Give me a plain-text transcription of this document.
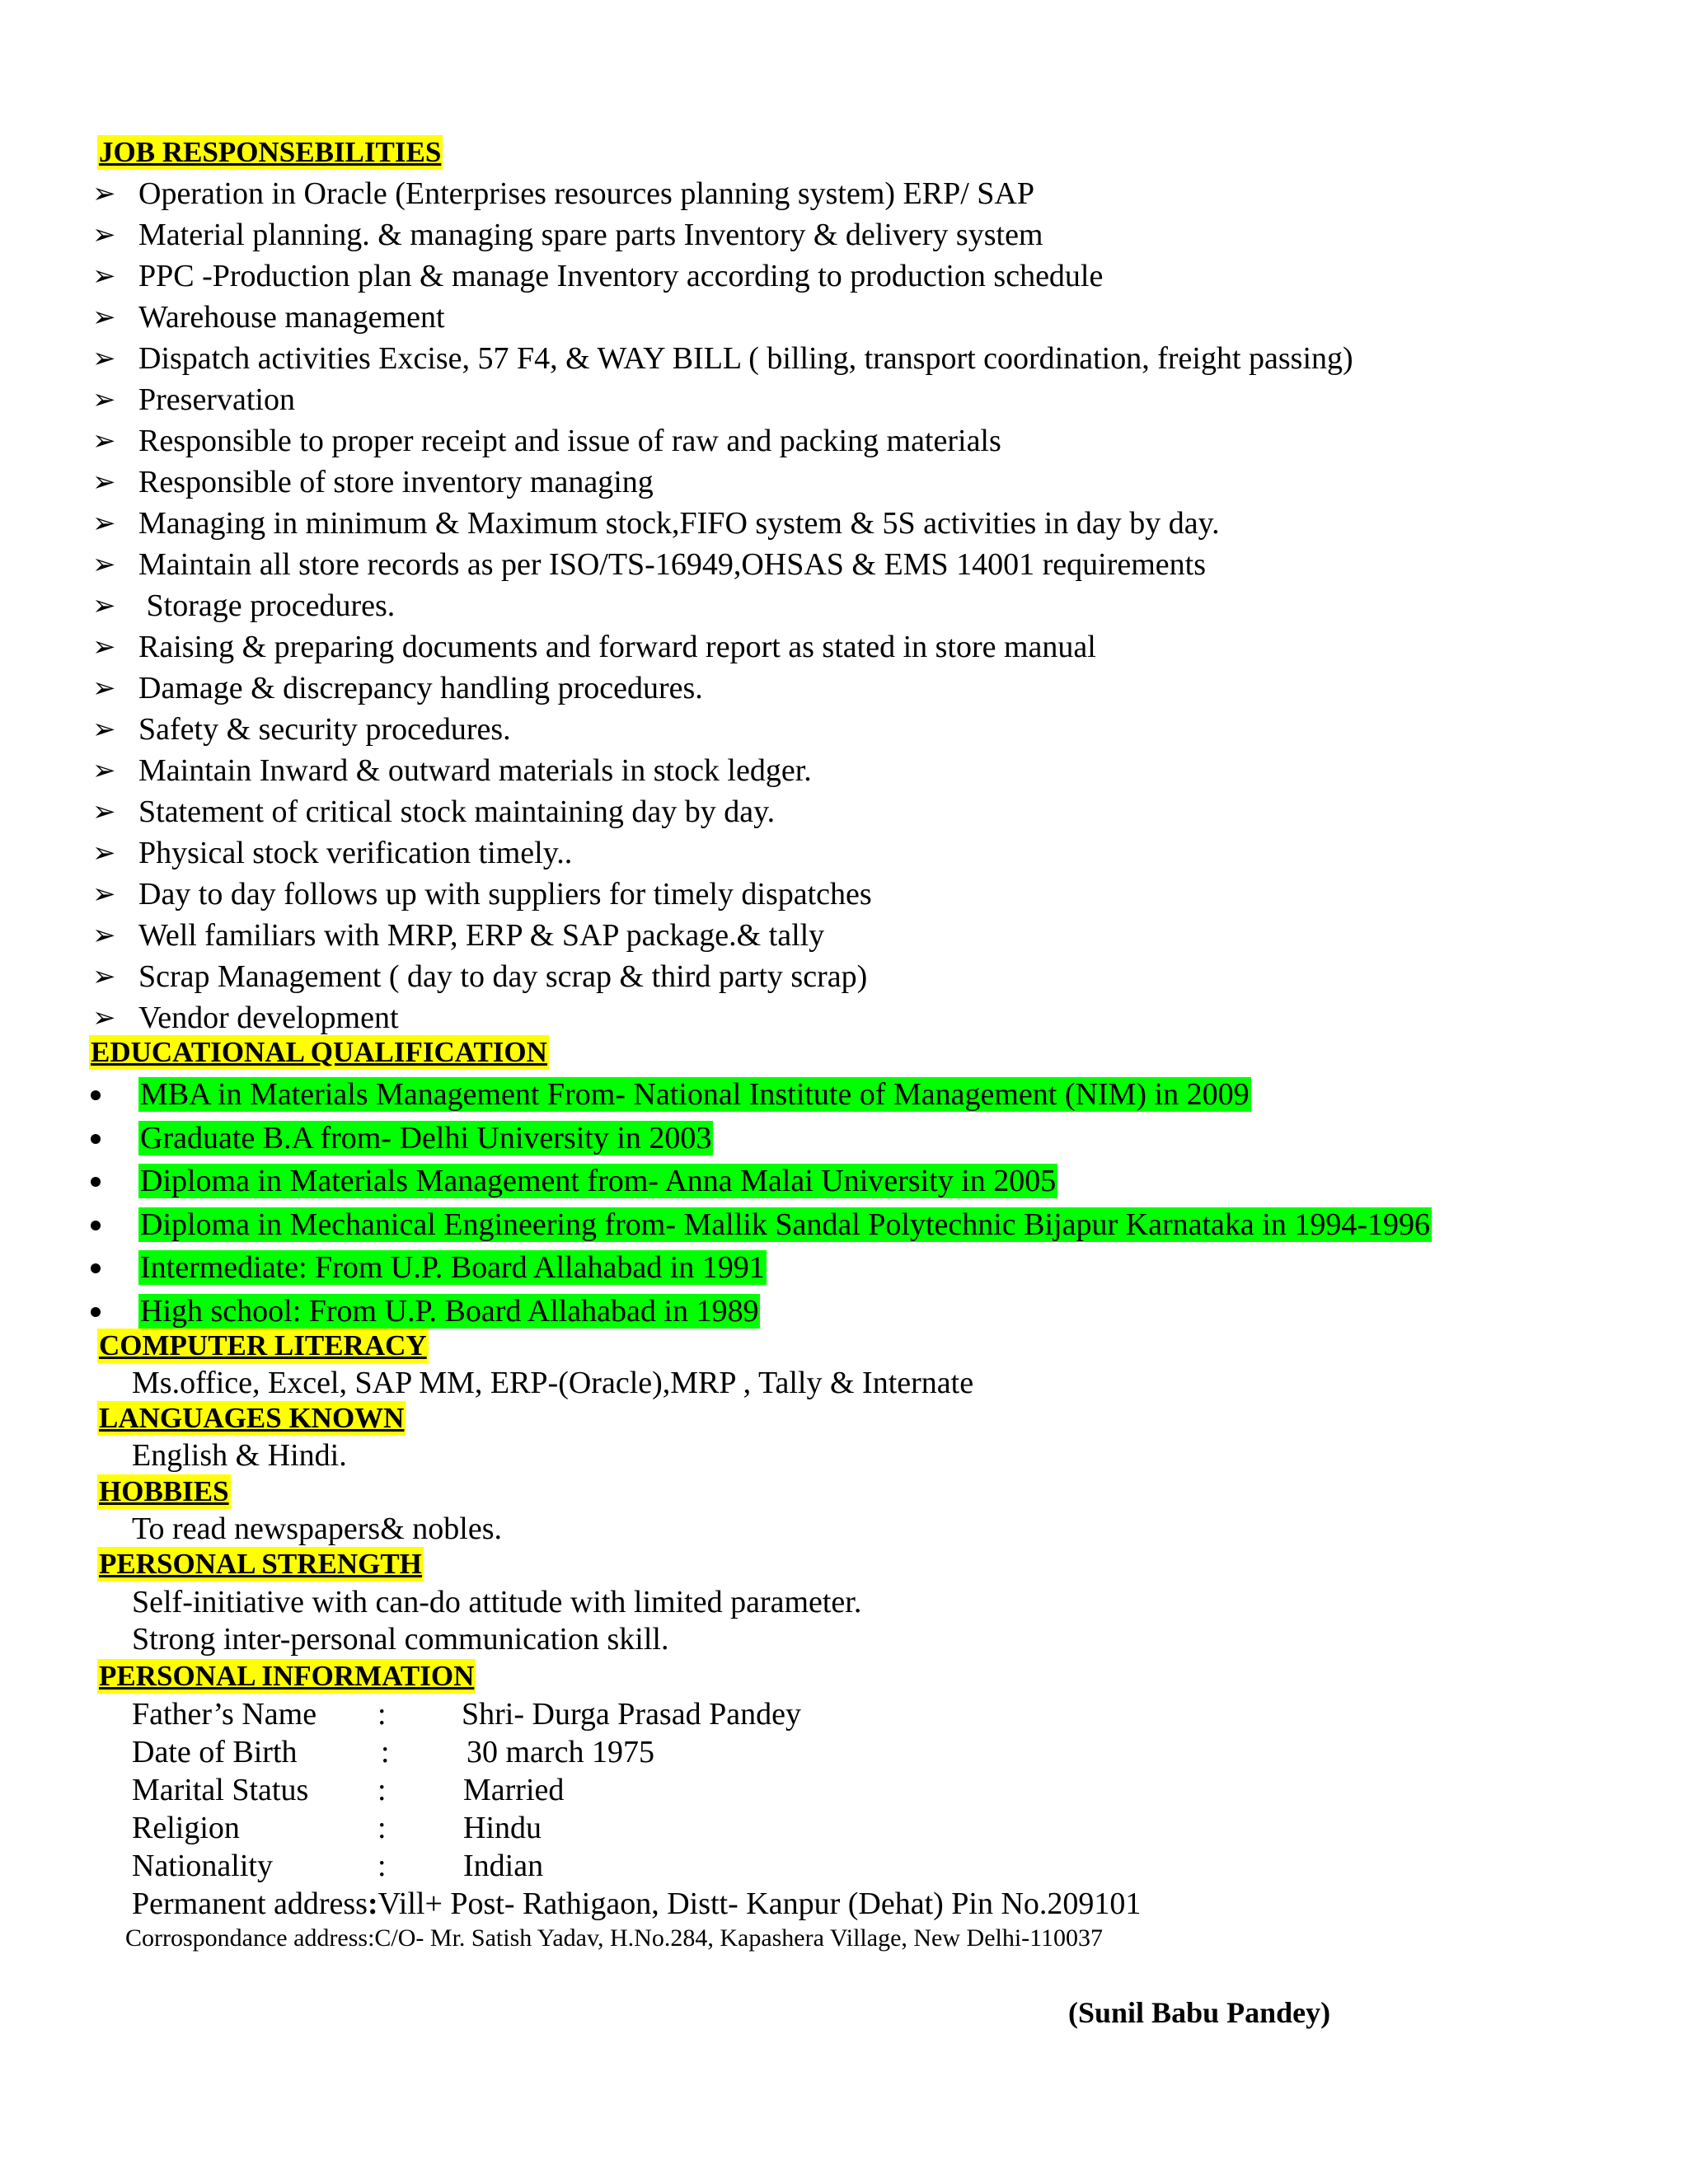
JOB RESPONSEBILITIES
➢ Operation in Oracle (Enterprises resources planning system) ERP/ SAP
➢ Material planning. & managing spare parts Inventory & delivery system
➢ PPC -Production plan & manage Inventory according to production schedule
➢ Warehouse management
➢ Dispatch activities Excise, 57 F4, & WAY BILL ( billing, transport coordination, freight passing)
➢ Preservation
➢ Responsible to proper receipt and issue of raw and packing materials
➢ Responsible of store inventory managing
➢ Managing in minimum & Maximum stock,FIFO system & 5S activities in day by day.
➢ Maintain all store records as per ISO/TS-16949,OHSAS & EMS 14001 requirements
➢ Storage procedures.
➢ Raising & preparing documents and forward report as stated in store manual
➢ Damage & discrepancy handling procedures.
➢ Safety & security procedures.
➢ Maintain Inward & outward materials in stock ledger.
➢ Statement of critical stock maintaining day by day.
➢ Physical stock verification timely..
➢ Day to day follows up with suppliers for timely dispatches
➢ Well familiars with MRP, ERP & SAP package.& tally
➢ Scrap Management ( day to day scrap & third party scrap)
➢ Vendor development
EDUCATIONAL QUALIFICATION
MBA in Materials Management From- National Institute of Management (NIM) in 2009
Graduate B.A from- Delhi University in 2003
Diploma in Materials Management from- Anna Malai University in 2005
Diploma in Mechanical Engineering from- Mallik Sandal Polytechnic Bijapur Karnataka in 1994-1996
Intermediate: From U.P. Board Allahabad in 1991
High school: From U.P. Board Allahabad in 1989
COMPUTER LITERACY
Ms.office, Excel, SAP MM, ERP-(Oracle),MRP , Tally & Internate
LANGUAGES KNOWN
English & Hindi.
HOBBIES
To read newspapers& nobles.
PERSONAL STRENGTH
Self-initiative with can-do attitude with limited parameter.
Strong inter-personal communication skill.
PERSONAL INFORMATION
Father’s Name : Shri- Durga Prasad Pandey
Date of Birth	: 30 march 1975
Marital Status : Married
Religion	: Hindu
Nationality	: Indian
Permanent address:Vill+ Post- Rathigaon, Distt- Kanpur (Dehat) Pin No.209101
Corrospondance address:C/O- Mr. Satish Yadav, H.No.284, Kapashera Village, New Delhi-110037
(Sunil Babu Pandey)
